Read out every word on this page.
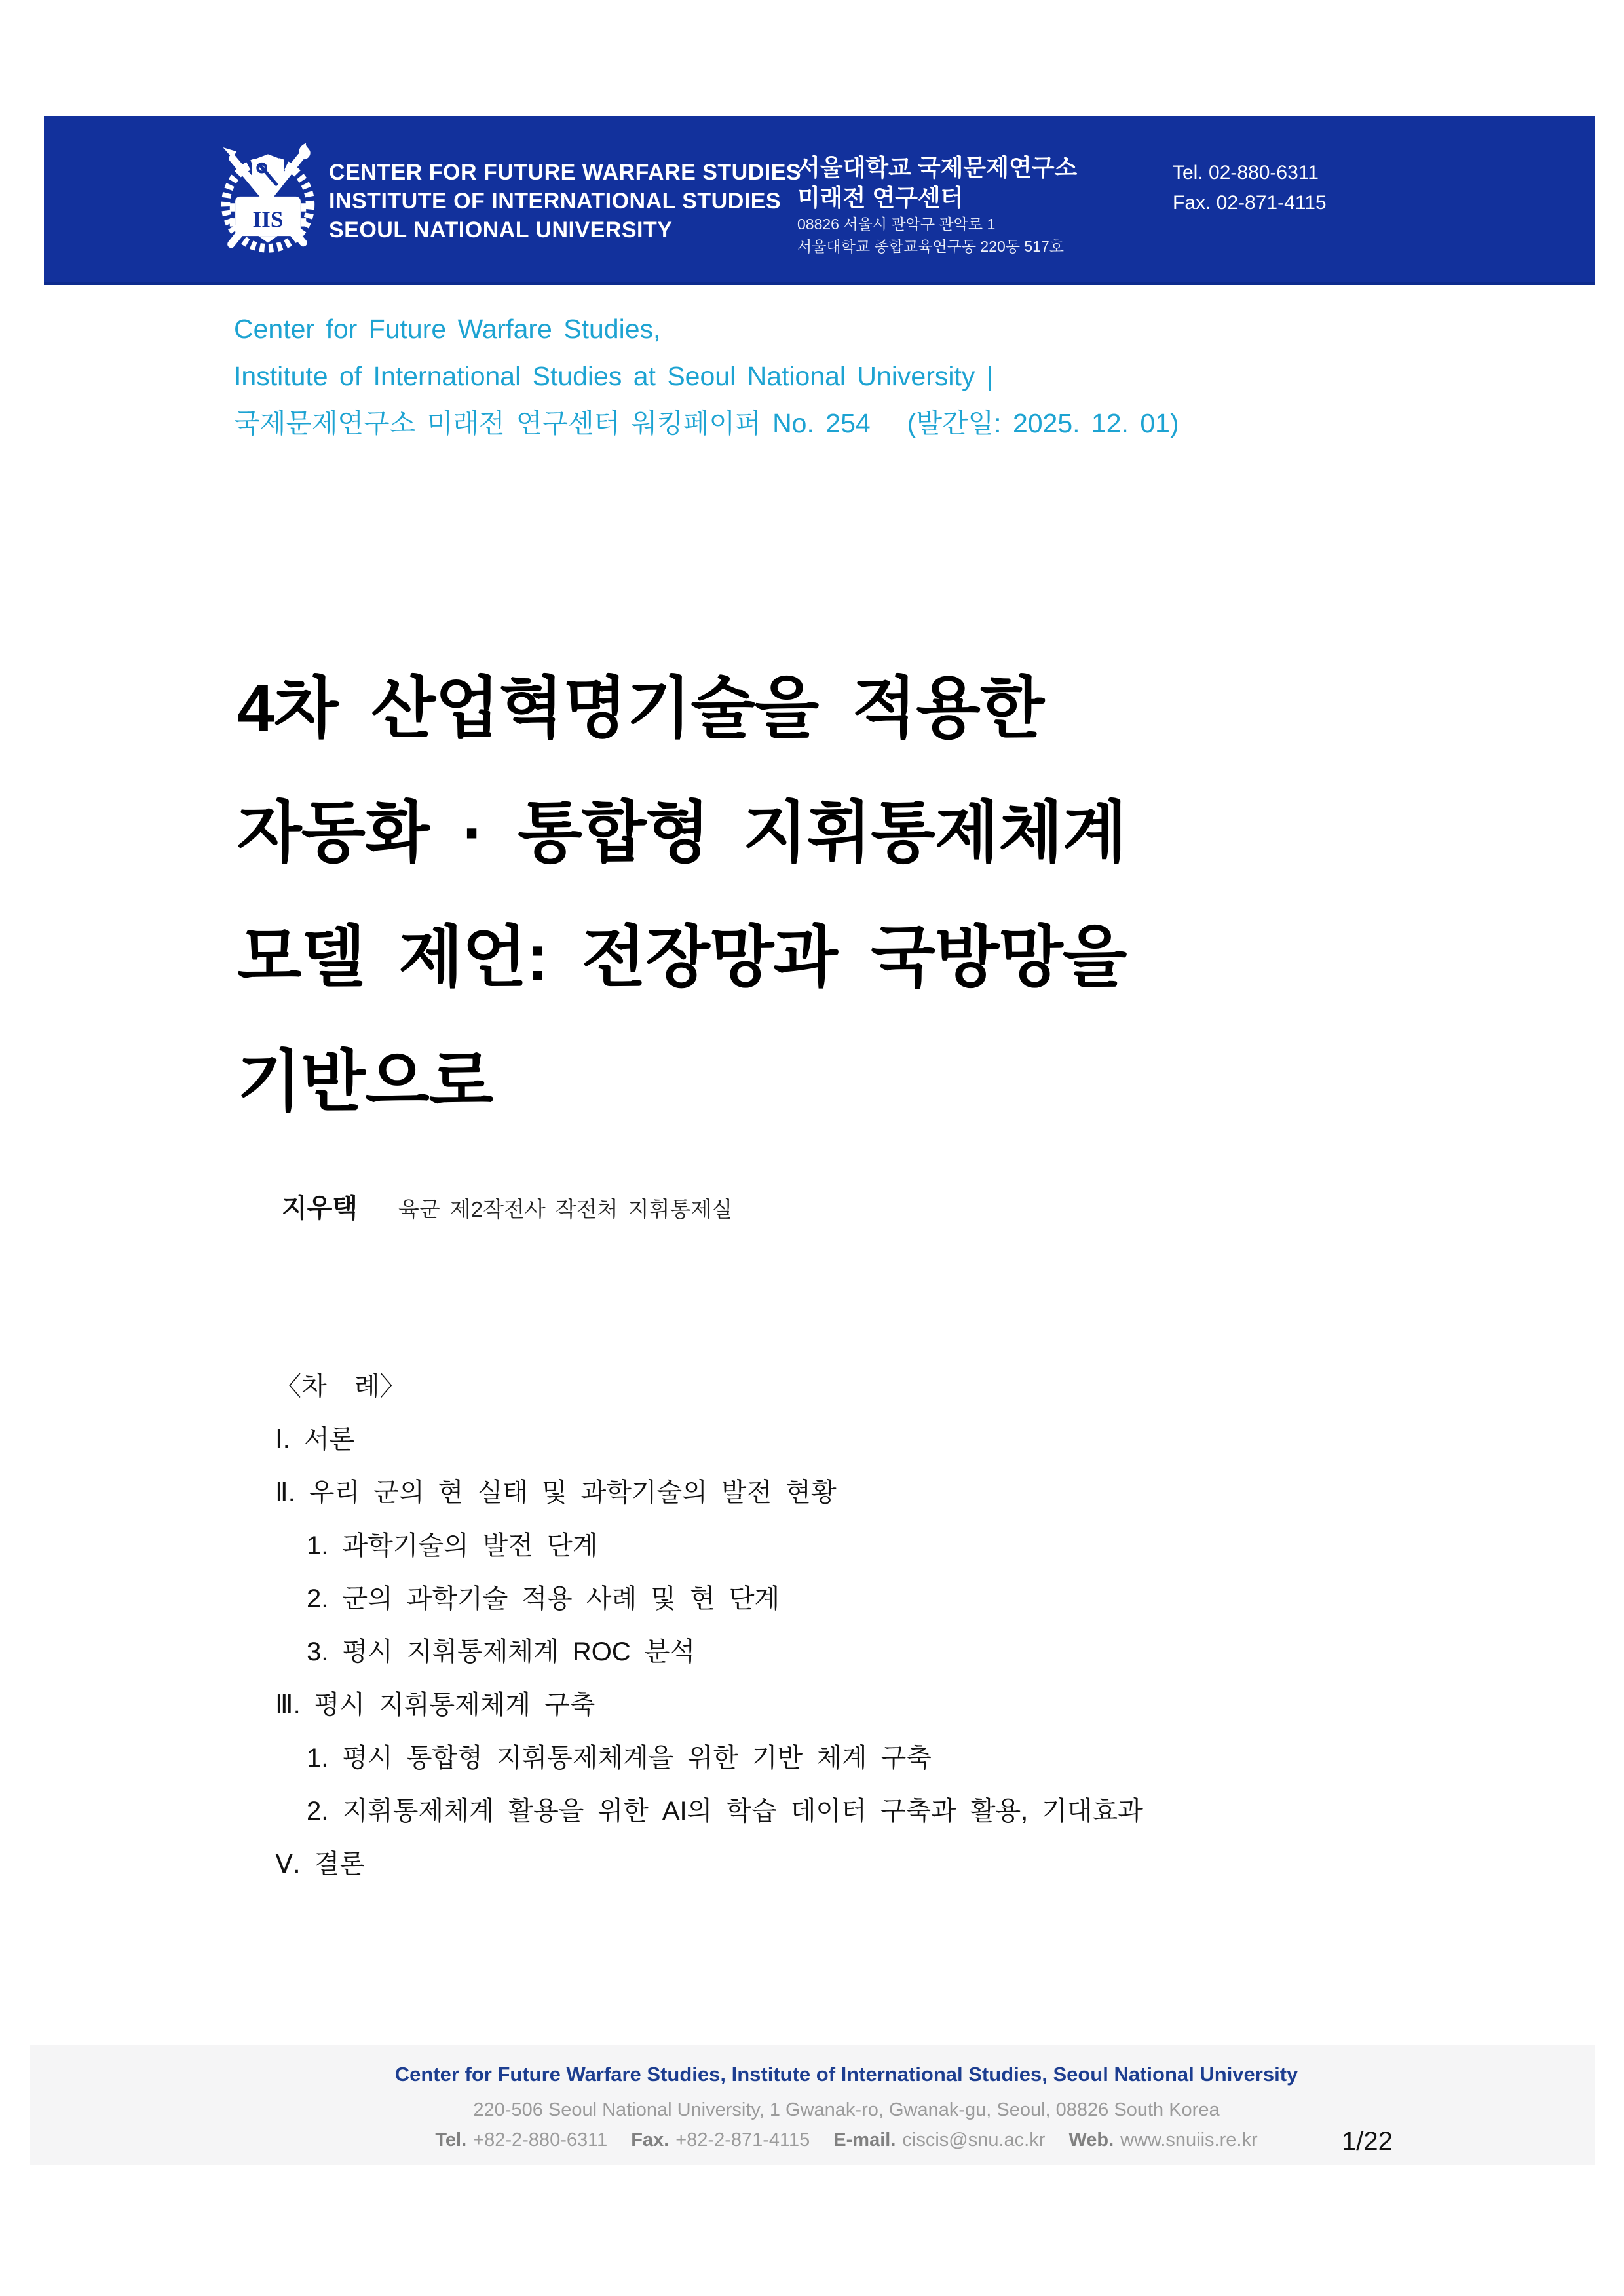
IIS
CENTER FOR FUTURE WARFARE STUDIES
INSTITUTE OF INTERNATIONAL STUDIES
SEOUL NATIONAL UNIVERSITY
서울대학교 국제문제연구소
미래전 연구센터
08826 서울시 관악구 관악로 1
서울대학교 종합교육연구동 220동 517호
Tel. 02-880-6311
Fax. 02-871-4115
Center for Future Warfare Studies,
Institute of International Studies at Seoul National University |
국제문제연구소 미래전 연구센터 워킹페이퍼 No. 254 (발간일: 2025. 12. 01)
4차 산업혁명기술을 적용한
자동화 · 통합형 지휘통제체계
모델 제언: 전장망과 국방망을
기반으로
지우택 육군 제2작전사 작전처 지휘통제실
〈차  례〉
Ⅰ. 서론
Ⅱ. 우리 군의 현 실태 및 과학기술의 발전 현황
1. 과학기술의 발전 단계
2. 군의 과학기술 적용 사례 및 현 단계
3. 평시 지휘통제체계 ROC 분석
Ⅲ. 평시 지휘통제체계 구축
1. 평시 통합형 지휘통제체계을 위한 기반 체계 구축
2. 지휘통제체계 활용을 위한 AI의 학습 데이터 구축과 활용, 기대효과
Ⅴ. 결론
Center for Future Warfare Studies, Institute of International Studies, Seoul National University
220-506 Seoul National University, 1 Gwanak-ro, Gwanak-gu, Seoul, 08826 South Korea
Tel. +82-2-880-6311 Fax. +82-2-871-4115 E-mail. ciscis@snu.ac.kr Web. www.snuiis.re.kr	1/22
